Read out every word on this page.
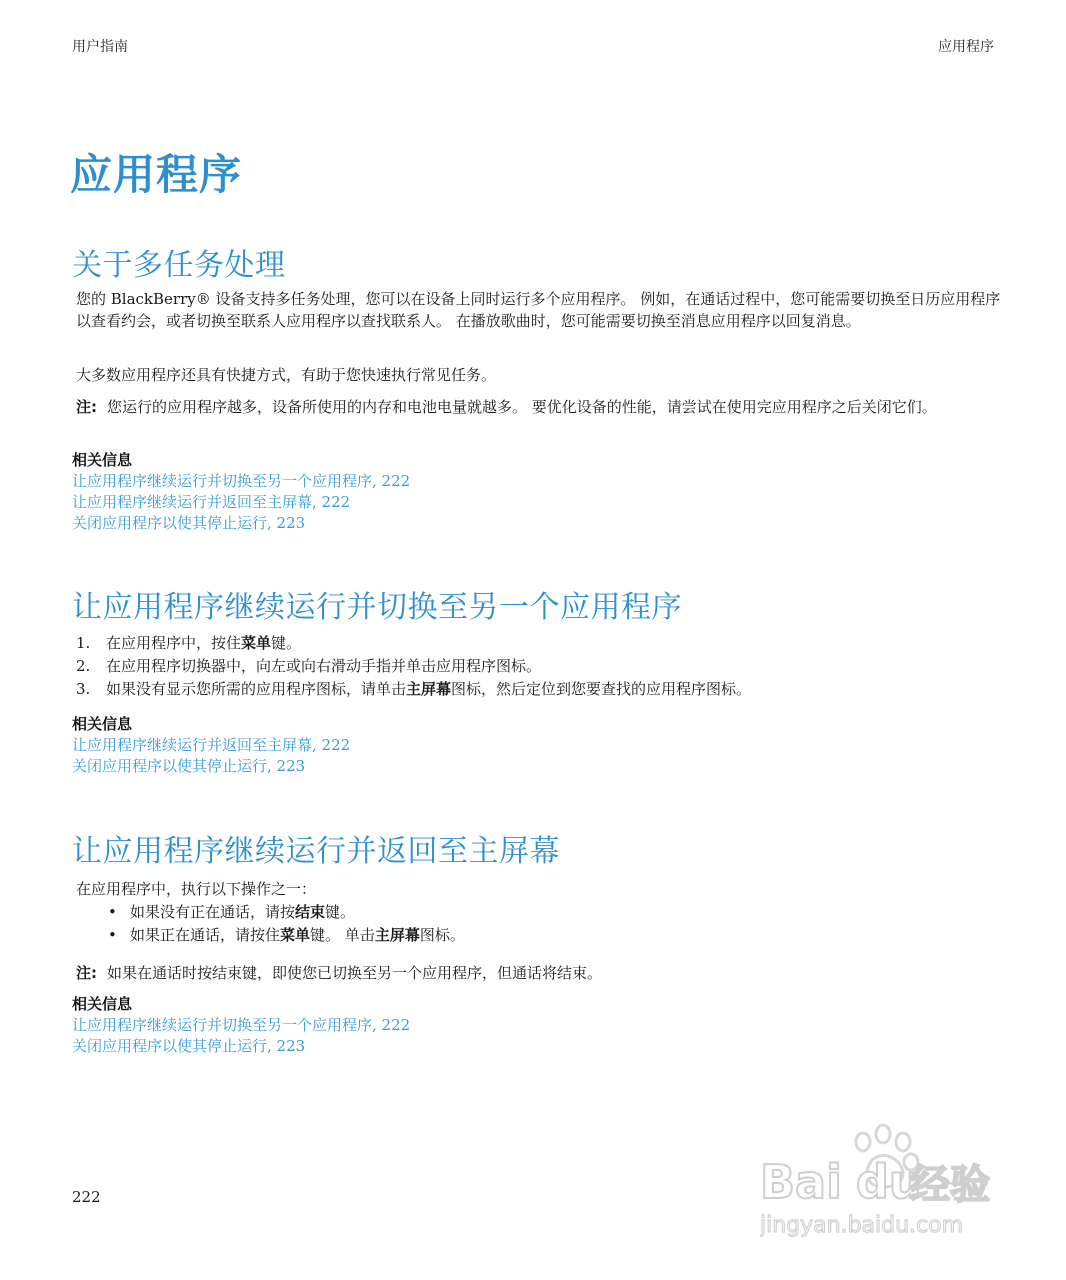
用户指南	应用程序
应用程序
关于多任务处理
您的 BlackBerry® 设备支持多任务处理，您可以在设备上同时运行多个应用程序。 例如，在通话过程中，您可能需要切换至日历应用程序以查看约会，或者切换至联系人应用程序以查找联系人。 在播放歌曲时，您可能需要切换至消息应用程序以回复消息。
大多数应用程序还具有快捷方式，有助于您快速执行常见任务。
注: 您运行的应用程序越多，设备所使用的内存和电池电量就越多。 要优化设备的性能，请尝试在使用完应用程序之后关闭它们。
相关信息
让应用程序继续运行并切换至另一个应用程序, 222
让应用程序继续运行并返回至主屏幕, 222
关闭应用程序以使其停止运行, 223
让应用程序继续运行并切换至另一个应用程序
1.	在应用程序中，按住菜单键。
2.	在应用程序切换器中，向左或向右滑动手指并单击应用程序图标。
3.	如果没有显示您所需的应用程序图标，请单击主屏幕图标，然后定位到您要查找的应用程序图标。
相关信息
让应用程序继续运行并返回至主屏幕, 222
关闭应用程序以使其停止运行, 223
让应用程序继续运行并返回至主屏幕
在应用程序中，执行以下操作之一：
• 如果没有正在通话，请按结束键。
• 如果正在通话，请按住菜单键。 单击主屏幕图标。
注: 如果在通话时按结束键，即使您已切换至另一个应用程序，但通话将结束。
相关信息
让应用程序继续运行并切换至另一个应用程序, 222
关闭应用程序以使其停止运行, 223
222	Bai du
经验
jingyan.baidu.com
